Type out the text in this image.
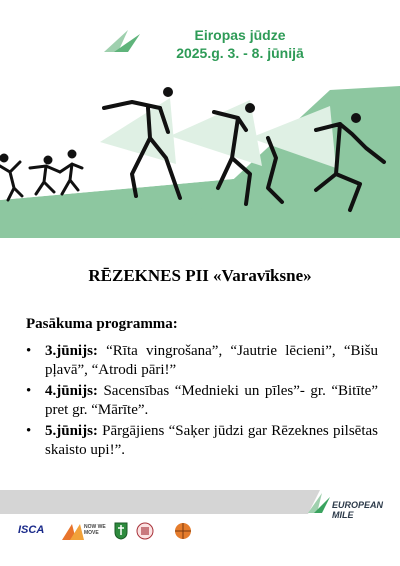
Eiropas jūdze
2025.g. 3. - 8. jūnijā
RĒZEKNES PII «Varavīksne»
Pasākuma programma:
• 3.jūnijs: “Rīta vingrošana”, “Jautrie lēcieni”, “Bišu pļavā”, “Atrodi pāri!”
• 4.jūnijs: Sacensības “Mednieki un pīles”- gr. “Bitīte” pret gr. “Mārīte”.
• 5.jūnijs: Pārgājiens “Saķer jūdzi gar Rēzeknes pilsētas skaisto upi!”.
EUROPEAN MILE
ISCA	NOW WE MOVE
